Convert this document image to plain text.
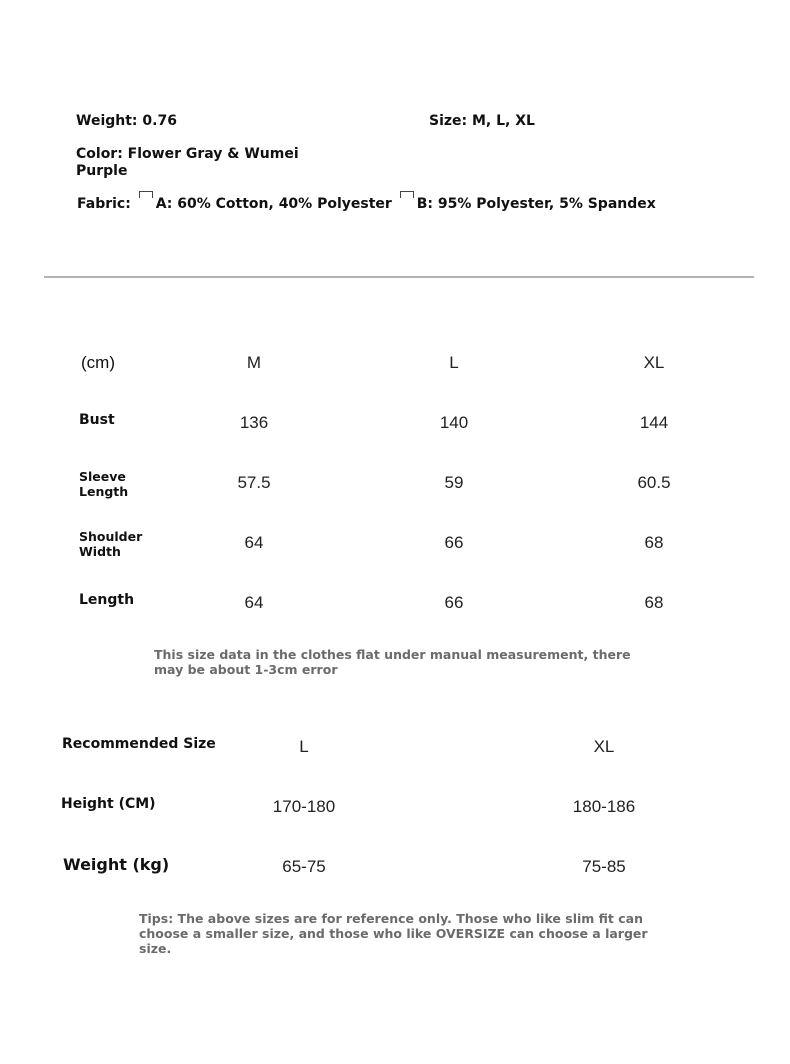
Weight: 0.76	Size: M, L, XL
Color: Flower Gray & Wumei
Purple
Fabric: A: 60% Cotton, 40% Polyester B: 95% Polyester, 5% Spandex
(cm)	M	L	XL
Bust	136	140	144
Sleeve
Length	57.5	59	60.5
Shoulder
Width	64	66	68
Length	64	66	68
This size data in the clothes flat under manual measurement, there may be about 1-3cm error
Recommended Size	L	XL
Height (CM)	170-180	180-186
Weight (kg)	65-75	75-85
Tips: The above sizes are for reference only. Those who like slim fit can choose a smaller size, and those who like OVERSIZE can choose a larger size.
